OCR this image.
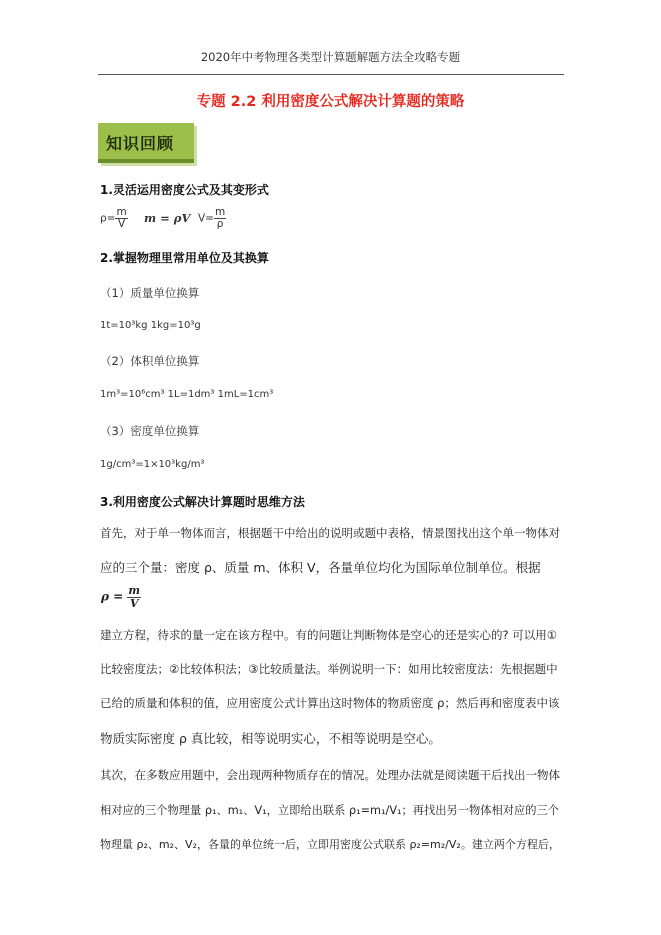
2020年中考物理各类型计算题解题方法全攻略专题
专题 2.2 利用密度公式解决计算题的策略
知识回顾
1.灵活运用密度公式及其变形式
$\rho= \frac{m}{V}$ m = ρV $V= \frac{m}{\rho}$
2.掌握物理里常用单位及其换算
（1）质量单位换算
1t=10³kg 1kg=10³g
（2）体积单位换算
1m³=10⁶cm³ 1L=1dm³ 1mL=1cm³
（3）密度单位换算
1g/cm³=1×10³kg/m³
3.利用密度公式解决计算题时思维方法
首先，对于单一物体而言，根据题干中给出的说明或题中表格，情景图找出这个单一物体对
应的三个量：密度 ρ、质量 m、体积 V，各量单位均化为国际单位制单位。根据
$\rho = \frac{m}{V}$
建立方程，待求的量一定在该方程中。有的问题让判断物体是空心的还是实心的? 可以用①
比较密度法；②比较体积法；③比较质量法。举例说明一下：如用比较密度法：先根据题中
已给的质量和体积的值，应用密度公式计算出这时物体的物质密度 ρ；然后再和密度表中该
物质实际密度 ρ 真比较，相等说明实心，不相等说明是空心。
其次，在多数应用题中，会出现两种物质存在的情况。处理办法就是阅读题干后找出一物体
相对应的三个物理量 ρ₁、m₁、V₁，立即给出联系 ρ₁=m₁/V₁；再找出另一物体相对应的三个
物理量 ρ₂、m₂、V₂，各量的单位统一后，立即用密度公式联系 ρ₂=m₂/V₂。建立两个方程后，
